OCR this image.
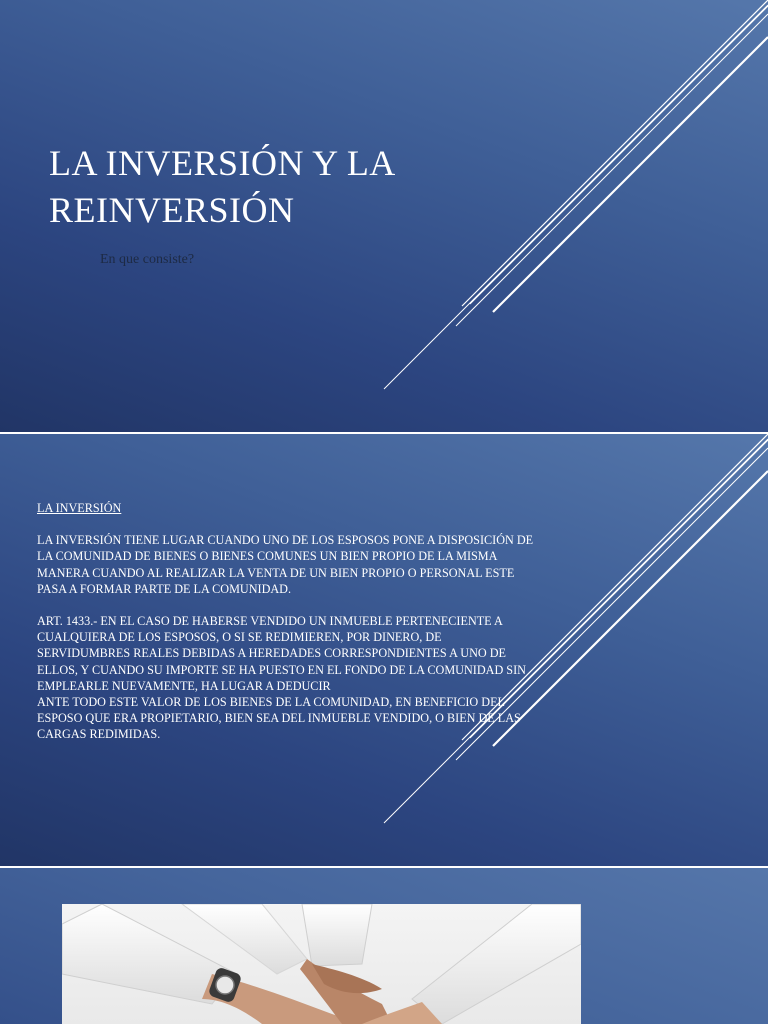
LA INVERSIÓN Y LA REINVERSIÓN

En que consiste?

LA INVERSIÓN

LA INVERSIÓN TIENE LUGAR CUANDO UNO DE LOS ESPOSOS PONE A DISPOSICIÓN DE LA COMUNIDAD DE BIENES O BIENES COMUNES UN BIEN PROPIO DE LA MISMA MANERA CUANDO AL REALIZAR LA VENTA DE UN BIEN PROPIO O PERSONAL ESTE PASA A FORMAR PARTE DE LA COMUNIDAD.

ART. 1433.- EN EL CASO DE HABERSE VENDIDO UN INMUEBLE PERTENECIENTE A CUALQUIERA DE LOS ESPOSOS, O SI SE REDIMIEREN, POR DINERO, DE SERVIDUMBRES REALES DEBIDAS A HEREDADES CORRESPONDIENTES A UNO DE ELLOS, Y CUANDO SU IMPORTE SE HA PUESTO EN EL FONDO DE LA COMUNIDAD SIN EMPLEARLE NUEVAMENTE, HA LUGAR A DEDUCIR

ANTE TODO ESTE VALOR DE LOS BIENES DE LA COMUNIDAD, EN BENEFICIO DEL ESPOSO QUE ERA PROPIETARIO, BIEN SEA DEL INMUEBLE VENDIDO, O BIEN DE LAS CARGAS REDIMIDAS.
